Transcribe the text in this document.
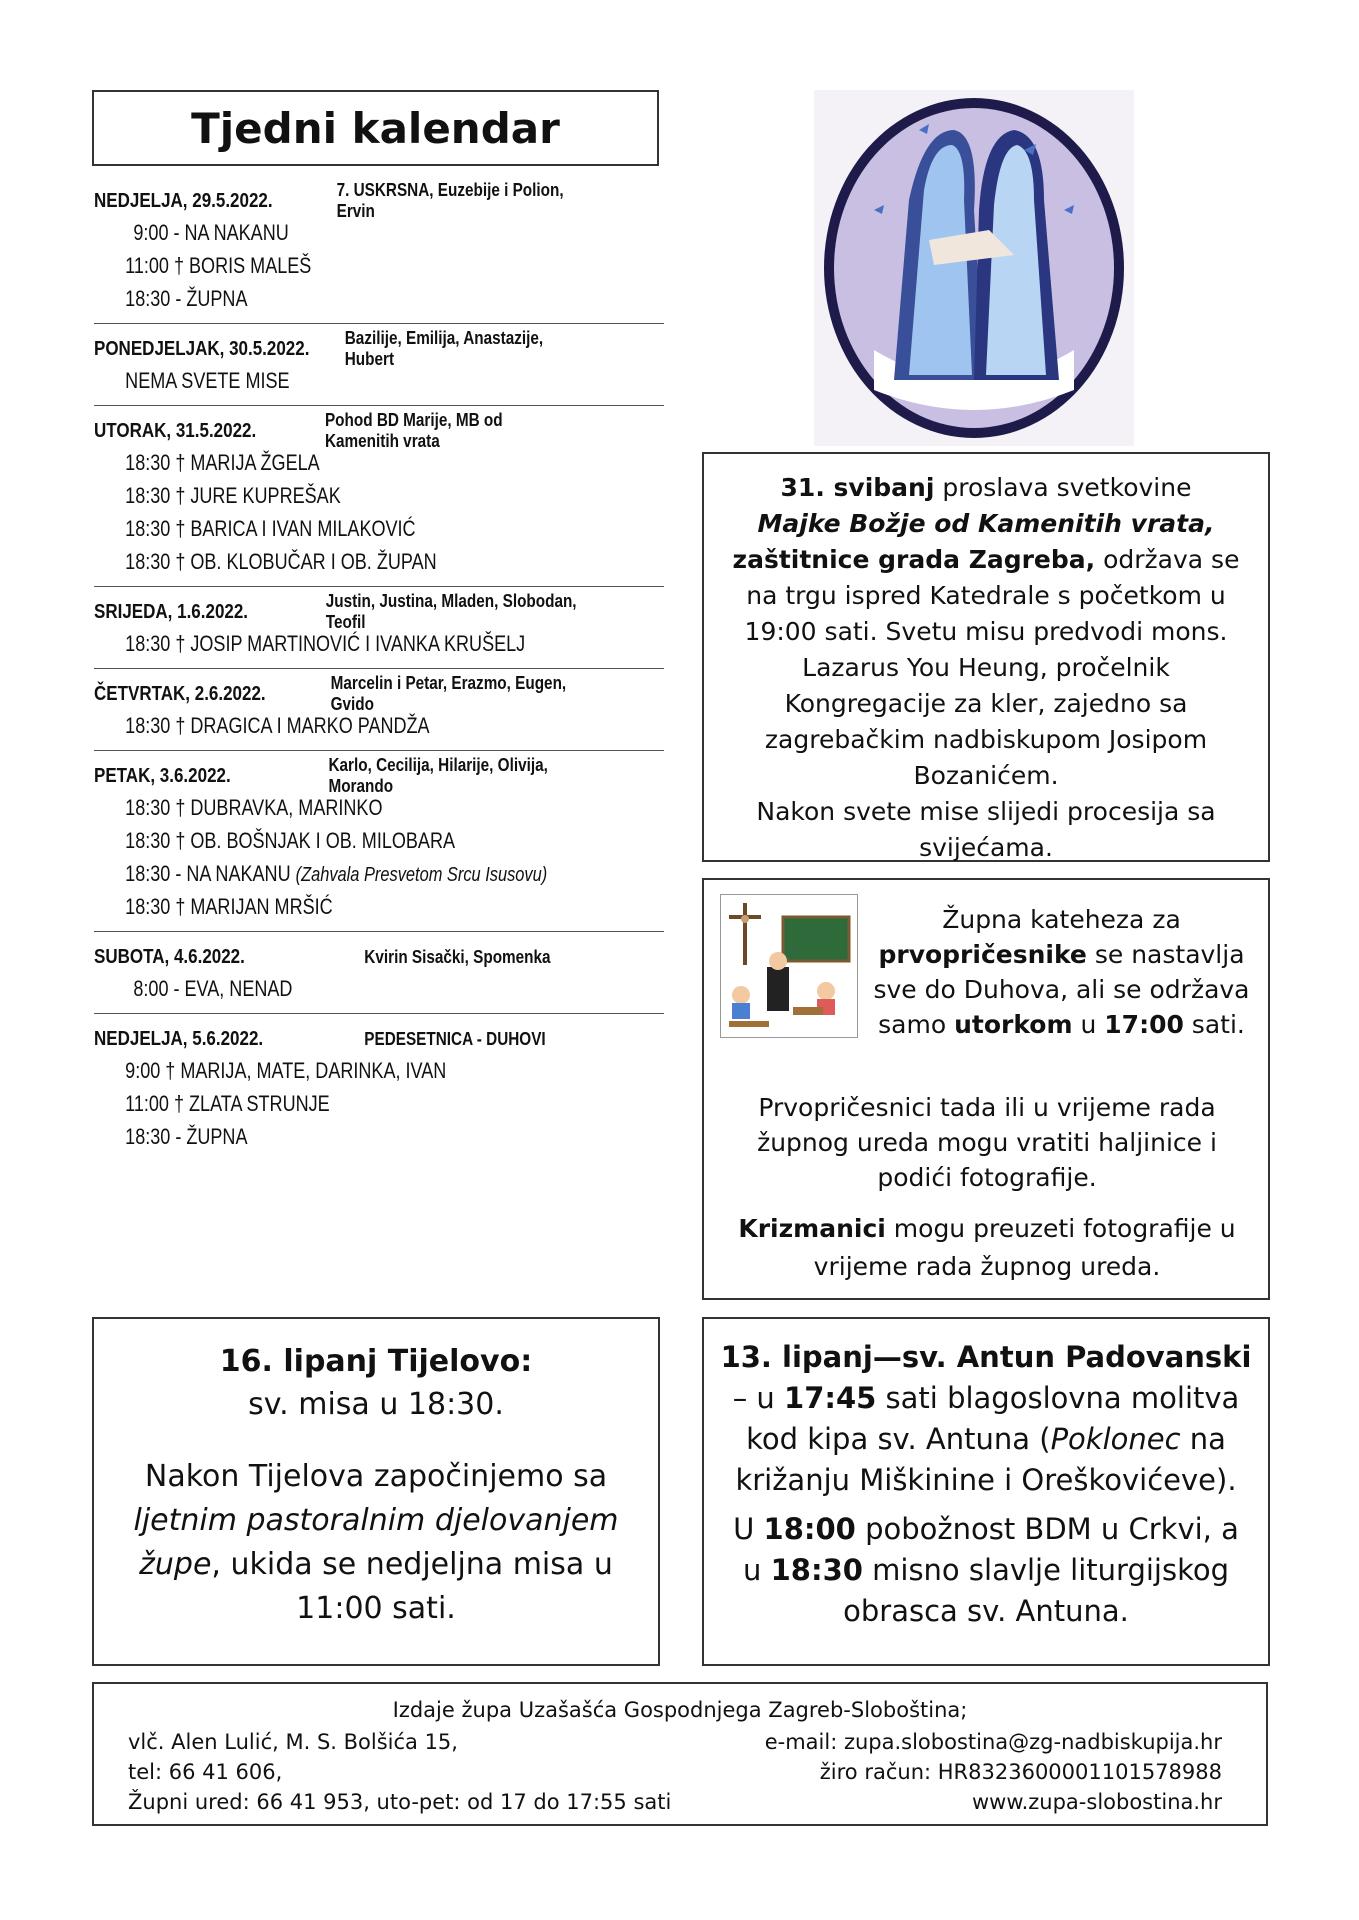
Tjedni kalendar
NEDJELJA, 29.5.2022.	7. USKRSNA, Euzebije i Polion, Ervin
9:00 - NA NAKANU
11:00 † BORIS MALEŠ
18:30 - ŽUPNA
PONEDJELJAK, 30.5.2022.	Bazilije, Emilija, Anastazije, Hubert
NEMA SVETE MISE
UTORAK, 31.5.2022.	Pohod BD Marije, MB od Kamenitih vrata
18:30 † MARIJA ŽGELA
18:30 † JURE KUPREŠAK
18:30 † BARICA I IVAN MILAKOVIĆ
18:30 † OB. KLOBUČAR I OB. ŽUPAN
SRIJEDA, 1.6.2022.	Justin, Justina, Mladen, Slobodan, Teofil
18:30 † JOSIP MARTINOVIĆ I IVANKA KRUŠELJ
ČETVRTAK, 2.6.2022.	Marcelin i Petar, Erazmo, Eugen, Gvido
18:30 † DRAGICA I MARKO PANDŽA
PETAK, 3.6.2022.	Karlo, Cecilija, Hilarije, Olivija, Morando
18:30 † DUBRAVKA, MARINKO
18:30 † OB. BOŠNJAK I OB. MILOBARA
18:30 - NA NAKANU (Zahvala Presvetom Srcu Isusovu)
18:30 † MARIJAN MRŠIĆ
SUBOTA, 4.6.2022.	Kvirin Sisački, Spomenka
8:00 - EVA, NENAD
NEDJELJA, 5.6.2022.	PEDESETNICA - DUHOVI
9:00 † MARIJA, MATE, DARINKA, IVAN
11:00 † ZLATA STRUNJE
18:30 - ŽUPNA
31. svibanj proslava svetkovine
Majke Božje od Kamenitih vrata,
zaštitnice grada Zagreba, održava se na trgu ispred Katedrale s početkom u 19:00 sati. Svetu misu predvodi mons. Lazarus You Heung, pročelnik Kongregacije za kler, zajedno sa zagrebačkim nadbiskupom Josipom Bozanićem.
Nakon svete mise slijedi procesija sa svijećama.
Župna kateheza za prvopričesnike se nastavlja sve do Duhova, ali se održava samo utorkom u 17:00 sati.
Prvopričesnici tada ili u vrijeme rada župnog ureda mogu vratiti haljinice i podići fotografije.
Krizmanici mogu preuzeti fotografije u vrijeme rada župnog ureda.
16. lipanj Tijelovo:
sv. misa u 18:30.
Nakon Tijelova započinjemo sa ljetnim pastoralnim djelovanjem župe, ukida se nedjeljna misa u 11:00 sati.
13. lipanj—sv. Antun Padovanski – u 17:45 sati blagoslovna molitva kod kipa sv. Antuna (Poklonec na križanju Miškinine i Oreškovićeve).
U 18:00 pobožnost BDM u Crkvi, a u 18:30 misno slavlje liturgijskog obrasca sv. Antuna.
Izdaje župa Uzašašća Gospodnjega Zagreb-Sloboština;
vlč. Alen Lulić, M. S. Bolšića 15,
tel: 66 41 606,
Župni ured: 66 41 953, uto-pet: od 17 do 17:55 sati
e-mail: zupa.slobostina@zg-nadbiskupija.hr
žiro račun: HR8323600001101578988
www.zupa-slobostina.hr
